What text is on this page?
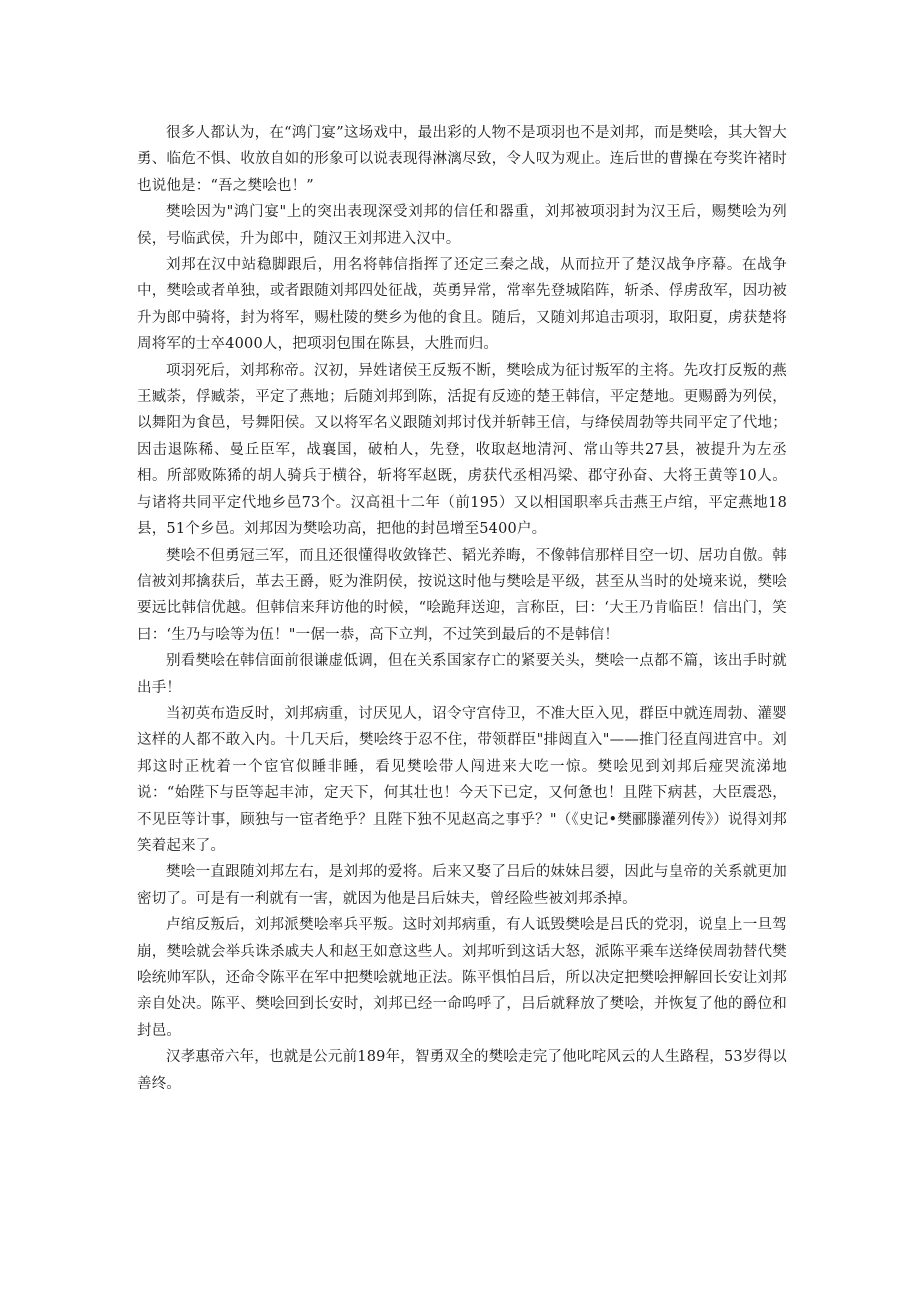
很多人都认为，在“鸿门宴”这场戏中，最出彩的人物不是项羽也不是刘邦，而是樊哙，其大智大勇、临危不惧、收放自如的形象可以说表现得淋漓尽致，令人叹为观止。连后世的曹操在夸奖许褚时也说他是：“吾之樊哙也！”

樊哙因为"鸿门宴"上的突出表现深受刘邦的信任和器重，刘邦被项羽封为汉王后，赐樊哙为列侯，号临武侯，升为郎中，随汉王刘邦进入汉中。

刘邦在汉中站稳脚跟后，用名将韩信指挥了还定三秦之战，从而拉开了楚汉战争序幕。在战争中，樊哙或者单独，或者跟随刘邦四处征战，英勇异常，常率先登城陷阵，斩杀、俘虏敌军，因功被升为郎中骑将，封为将军，赐杜陵的樊乡为他的食且。随后，又随刘邦追击项羽，取阳夏，虏获楚将周将军的士卒4000人，把项羽包围在陈县，大胜而归。

项羽死后，刘邦称帝。汉初，异姓诸侯王反叛不断，樊哙成为征讨叛军的主将。先攻打反叛的燕王臧荼，俘臧荼，平定了燕地；后随刘邦到陈，活捉有反迹的楚王韩信，平定楚地。更赐爵为列侯，以舞阳为食邑，号舞阳侯。又以将军名义跟随刘邦讨伐并斩韩王信，与绛侯周勃等共同平定了代地；因击退陈稀、曼丘臣军，战襄国，破柏人，先登，收取赵地清河、常山等共27县，被提升为左丞相。所部败陈狶的胡人骑兵于横谷，斩将军赵既，虏获代丞相冯梁、郡守孙奋、大将王黄等10人。与诸将共同平定代地乡邑73个。汉高祖十二年（前195）又以相国职率兵击燕王卢绾，平定燕地18县，51个乡邑。刘邦因为樊哙功高，把他的封邑增至5400户。

樊哙不但勇冠三军，而且还很懂得收敛锋芒、韬光养晦，不像韩信那样目空一切、居功自傲。韩信被刘邦擒获后，革去王爵，贬为淮阴侯，按说这时他与樊哙是平级，甚至从当时的处境来说，樊哙要远比韩信优越。但韩信来拜访他的时候，“哙跪拜送迎，言称臣，曰：‘大王乃肯临臣！信出门，笑曰：‘生乃与哙等为伍！"一倨一恭，高下立判，不过笑到最后的不是韩信！

别看樊哙在韩信面前很谦虚低调，但在关系国家存亡的紧要关头，樊哙一点都不篇，该出手时就出手！

当初英布造反时，刘邦病重，讨厌见人，诏令守宫侍卫，不准大臣入见，群臣中就连周勃、灌婴这样的人都不敢入内。十几天后，樊哙终于忍不住，带领群臣"排闼直入"——推门径直闯进宫中。刘邦这时正枕着一个宦官似睡非睡，看见樊哙带人闯进来大吃一惊。樊哙见到刘邦后痖哭流涕地说：“始陛下与臣等起丰沛，定天下，何其壮也！今天下已定，又何惫也！且陛下病甚，大臣震恐，不见臣等计事，顾独与一宦者绝乎？且陛下独不见赵高之事乎？"（《史记•樊郦滕灌列传》）说得刘邦笑着起来了。

樊哙一直跟随刘邦左右，是刘邦的爱将。后来又娶了吕后的妹妹吕媭，因此与皇帝的关系就更加密切了。可是有一利就有一害，就因为他是吕后妹夫，曾经险些被刘邦杀掉。

卢绾反叛后，刘邦派樊哙率兵平叛。这时刘邦病重，有人诋毁樊哙是吕氏的党羽，说皇上一旦驾崩，樊哙就会举兵诛杀戚夫人和赵王如意这些人。刘邦听到这话大怒，派陈平乘车送绛侯周勃替代樊哙统帅军队，还命令陈平在军中把樊哙就地正法。陈平惧怕吕后，所以决定把樊哙押解回长安让刘邦亲自处决。陈平、樊哙回到长安时，刘邦已经一命呜呼了，吕后就释放了樊哙，并恢复了他的爵位和封邑。

汉孝惠帝六年，也就是公元前189年，智勇双全的樊哙走完了他叱咤风云的人生路程，53岁得以善终。
